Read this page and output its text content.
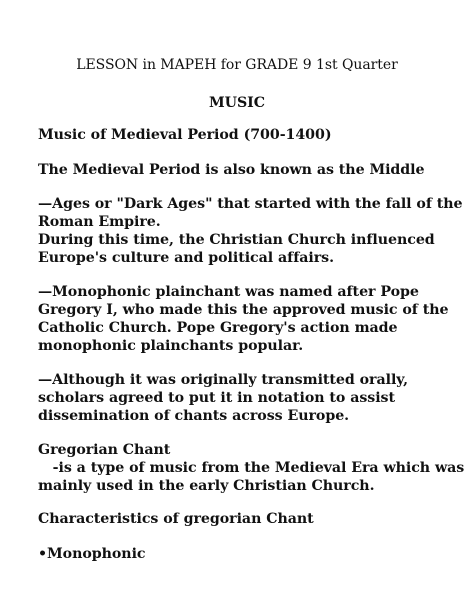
LESSON in MAPEH for GRADE 9 1st Quarter

MUSIC

Music of Medieval Period (700-1400)

The Medieval Period is also known as the Middle

—Ages or "Dark Ages" that started with the fall of the

Roman Empire.

During this time, the Christian Church influenced

Europe's culture and political affairs.

—Monophonic plainchant was named after Pope

Gregory I, who made this the approved music of the

Catholic Church. Pope Gregory's action made

monophonic plainchants popular.

—Although it was originally transmitted orally,

scholars agreed to put it in notation to assist

dissemination of chants across Europe.

Gregorian Chant

-is a type of music from the Medieval Era which was

mainly used in the early Christian Church.

Characteristics of gregorian Chant

•Monophonic
